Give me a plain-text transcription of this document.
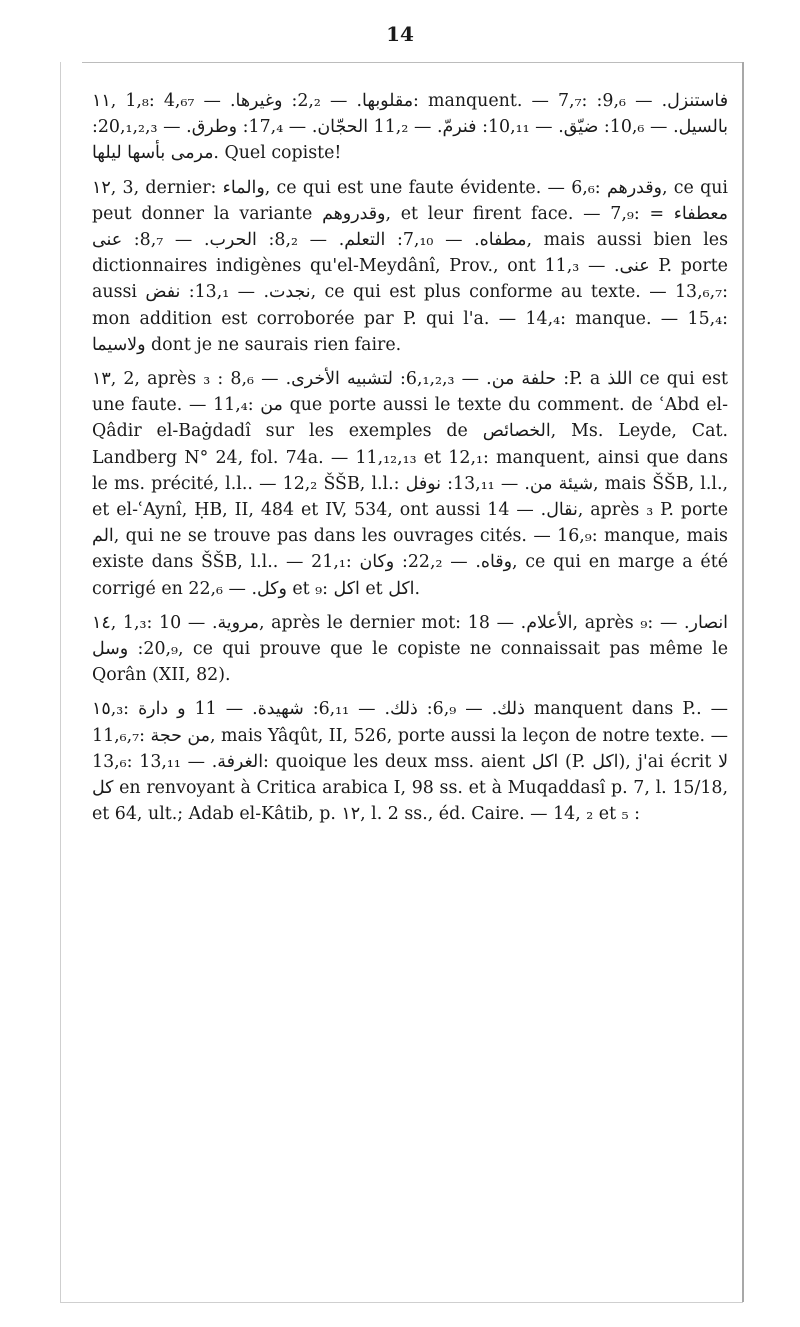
14

١١, 1,₈: مقلوبها. — 2,₂: وغيرها. — 4,₆₇: manquent. — 7,₇: فاستنزل. — 9,₆: بالسيل. — 10,₆: ضيّق. — 10,₁₁: فنرمّ. — 11,₂ الحجّان. — 17,₄: وطرق. — 20,₁,₂,₃: مرمى بأسها ليلها. Quel copiste!

١٢, 3, dernier: والماء, ce qui est une faute évidente. — 6,₆: وقدرهم, ce qui peut donner la variante وقدروهم, et leur firent face. — 7,₉: معطفاء = مطفاه. — 7,₁₀: التعلم. — 8,₂: الحرب. — 8,₇: عنى, mais aussi bien les dictionnaires indigènes qu'el-Meydânî, Prov., ont عنى. — 11,₃ P. porte aussi نجدت. — 13,₁: نفض, ce qui est plus conforme au texte. — 13,₆,₇: mon addition est corroborée par P. qui l'a. — 14,₄: manque. — 15,₄: ولاسيما dont je ne saurais rien faire.

١٣, 2, après ₃ : حلفة من. — 6,₁,₂,₃: لتشبيه الأخرى. — 8,₆ :P. a اللذ ce qui est une faute. — 11,₄: من que porte aussi le texte du comment. de ʿAbd el-Qâdir el-Baġdadî sur les exemples de الخصائص, Ms. Leyde, Cat. Landberg N° 24, fol. 74a. — 11,₁₂,₁₃ et 12,₁: manquent, ainsi que dans le ms. précité, l.l.. — 12,₂ ŠŠB, l.l.: شيئة من. — 13,₁₁: نوفل, mais ŠŠB, l.l., et el-ʿAynî, ḤB, II, 484 et IV, 534, ont aussi نقال. — 14, après ₃ P. porte الم, qui ne se trouve pas dans les ouvrages cités. — 16,₉: manque, mais existe dans ŠŠB, l.l.. — 21,₁: وقاه. — 22,₂: وكان, ce qui en marge a été corrigé en وكل. — 22,₆ et ₉: اكل et اكل.

١٤, 1,₃: مروية. — 10, après le dernier mot: الأعلام. — 18, après ₉: انصار. — 20,₉: وسل, ce qui prouve que le copiste ne connaissait pas même le Qorân (XII, 82).

١٥,₃: ذلك. — 6,₉: ذلك. — 6,₁₁: شهيدة. — 11 و دارة manquent dans P.. — 11,₆,₇: من حجة, mais Yâqût, II, 526, porte aussi la leçon de notre texte. — 13,₆: الغرفة. — 13,₁₁: quoique les deux mss. aient اكل (P. اكل), j'ai écrit لا كل en renvoyant à Critica arabica I, 98 ss. et à Muqaddasî p. 7, l. 15/18, et 64, ult.; Adab el-Kâtib, p. ١٢, l. 2 ss., éd. Caire. — 14, ₂ et ₅ :
